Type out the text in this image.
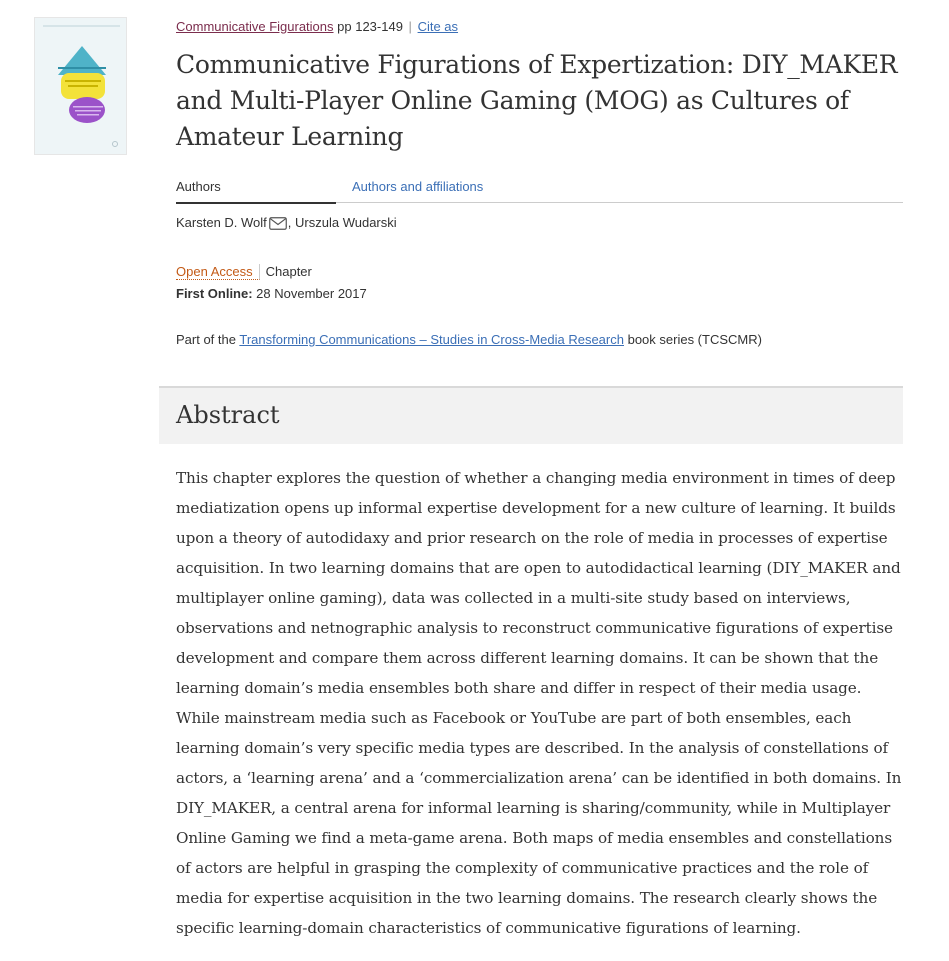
Communicative Figurations pp 123-149 | Cite as
Communicative Figurations of Expertization: DIY_MAKER and Multi-Player Online Gaming (MOG) as Cultures of Amateur Learning
Authors	Authors and affiliations
Karsten D. Wolf , Urszula Wudarski
Open Access Chapter
First Online: 28 November 2017
Part of the Transforming Communications – Studies in Cross-Media Research book series (TCSCMR)
Abstract

This chapter explores the question of whether a changing media environment in times of deep mediatization opens up informal expertise development for a new culture of learning. It builds upon a theory of autodidaxy and prior research on the role of media in processes of expertise acquisition. In two learning domains that are open to autodidactical learning (DIY_MAKER and multiplayer online gaming), data was collected in a multi-site study based on interviews, observations and netnographic analysis to reconstruct communicative figurations of expertise development and compare them across different learning domains. It can be shown that the learning domain’s media ensembles both share and differ in respect of their media usage. While mainstream media such as Facebook or YouTube are part of both ensembles, each learning domain’s very specific media types are described. In the analysis of constellations of actors, a ‘learning arena’ and a ‘commercialization arena’ can be identified in both domains. In DIY_MAKER, a central arena for informal learning is sharing/community, while in Multiplayer Online Gaming we find a meta-game arena. Both maps of media ensembles and constellations of actors are helpful in grasping the complexity of communicative practices and the role of media for expertise acquisition in the two learning domains. The research clearly shows the specific learning-domain characteristics of communicative figurations of learning.
